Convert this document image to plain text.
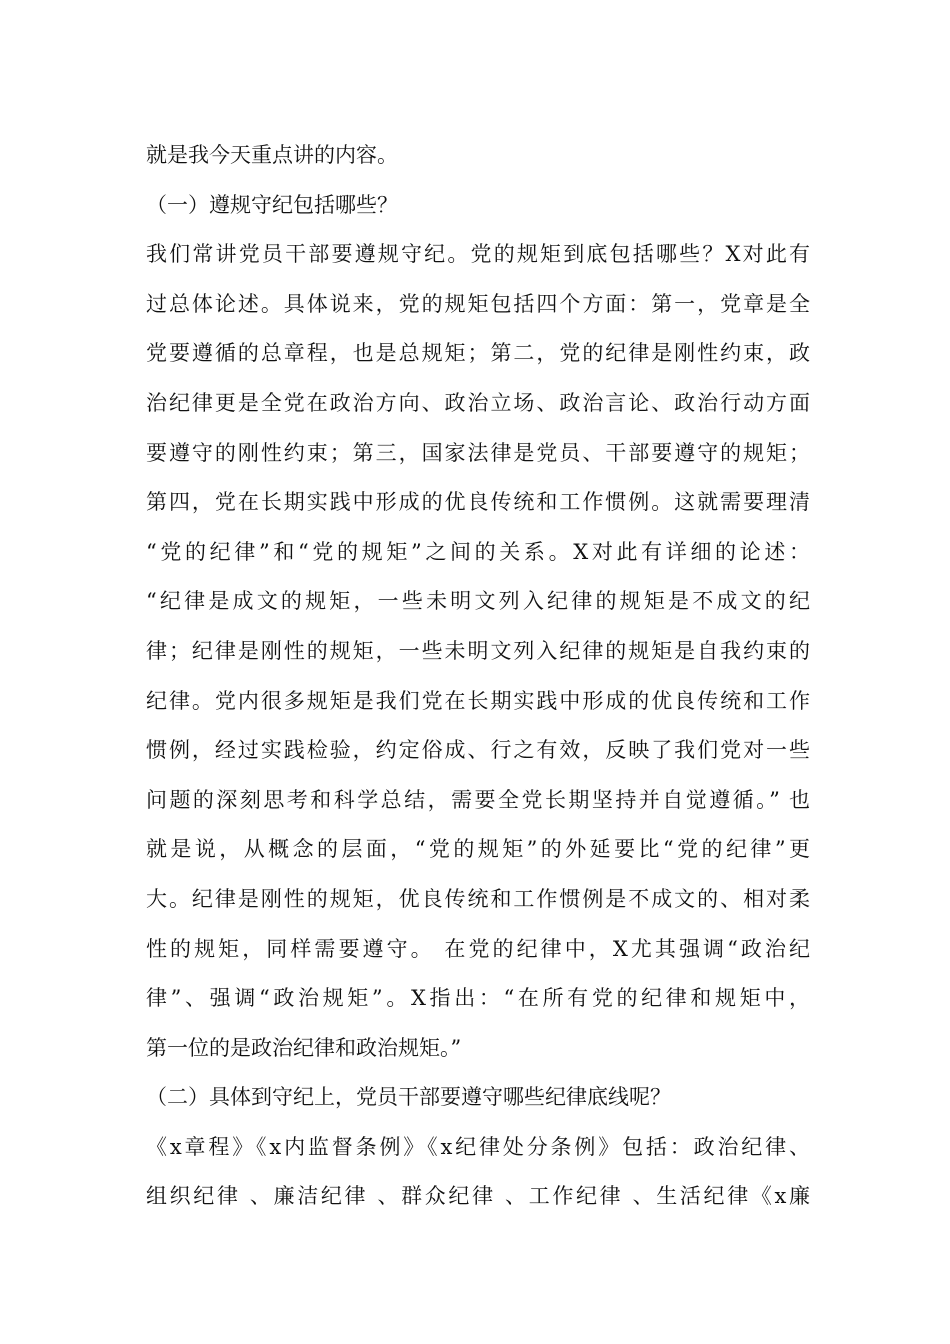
就是我今天重点讲的内容。
（一）遵规守纪包括哪些？
我们常讲党员干部要遵规守纪。党的规矩到底包括哪些？X对此有
过总体论述。具体说来，党的规矩包括四个方面：第一，党章是全
党要遵循的总章程，也是总规矩；第二，党的纪律是刚性约束，政
治纪律更是全党在政治方向、政治立场、政治言论、政治行动方面
要遵守的刚性约束；第三，国家法律是党员、干部要遵守的规矩；
第四，党在长期实践中形成的优良传统和工作惯例。这就需要理清
“党的纪律”和“党的规矩”之间的关系。X对此有详细的论述：
“纪律是成文的规矩，一些未明文列入纪律的规矩是不成文的纪
律；纪律是刚性的规矩，一些未明文列入纪律的规矩是自我约束的
纪律。党内很多规矩是我们党在长期实践中形成的优良传统和工作
惯例，经过实践检验，约定俗成、行之有效，反映了我们党对一些
问题的深刻思考和科学总结，需要全党长期坚持并自觉遵循。” 也
就是说，从概念的层面，“党的规矩”的外延要比“党的纪律”更
大。纪律是刚性的规矩，优良传统和工作惯例是不成文的、相对柔
性的规矩，同样需要遵守。 在党的纪律中，X尤其强调“政治纪
律”、强调“政治规矩”。X指出：“在所有党的纪律和规矩中，
第一位的是政治纪律和政治规矩。”
（二）具体到守纪上，党员干部要遵守哪些纪律底线呢？
《x章程》《x内监督条例》《x纪律处分条例》包括：政治纪律、
组织纪律 、廉洁纪律 、群众纪律 、工作纪律 、生活纪律《x廉
